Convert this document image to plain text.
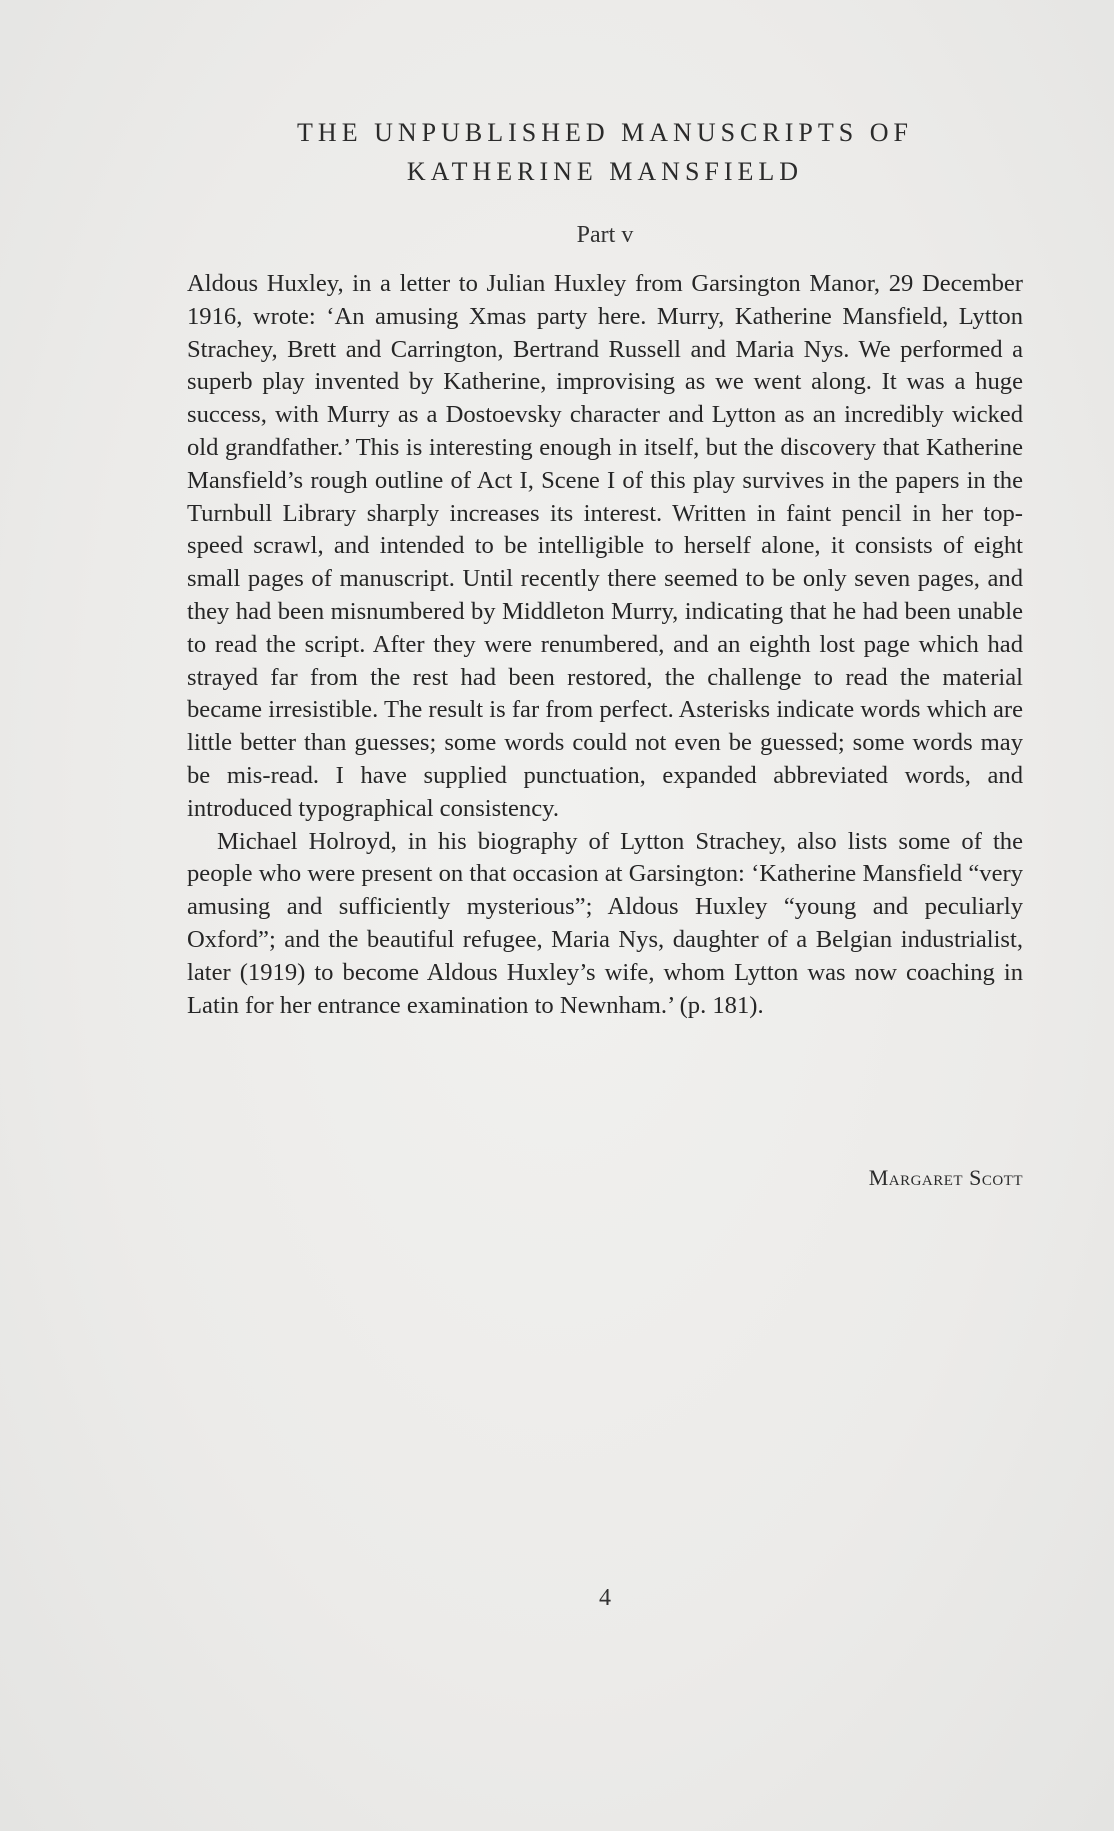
THE UNPUBLISHED MANUSCRIPTS OF
KATHERINE MANSFIELD
Part v

Aldous Huxley, in a letter to Julian Huxley from Garsington Manor, 29 December 1916, wrote: ‘An amusing Xmas party here. Murry, Katherine Mansfield, Lytton Strachey, Brett and Carrington, Bertrand Russell and Maria Nys. We performed a superb play invented by Katherine, improvising as we went along. It was a huge success, with Murry as a Dostoevsky character and Lytton as an incredibly wicked old grandfather.’ This is interesting enough in itself, but the discovery that Katherine Mansfield’s rough outline of Act I, Scene I of this play survives in the papers in the Turnbull Library sharply increases its interest. Written in faint pencil in her top-speed scrawl, and intended to be intelligible to herself alone, it consists of eight small pages of manuscript. Until recently there seemed to be only seven pages, and they had been misnumbered by Middleton Murry, indicating that he had been unable to read the script. After they were renumbered, and an eighth lost page which had strayed far from the rest had been restored, the challenge to read the material became irresistible. The result is far from perfect. Asterisks indicate words which are little better than guesses; some words could not even be guessed; some words may be mis-read. I have supplied punctuation, expanded abbreviated words, and introduced typographical consistency.

Michael Holroyd, in his biography of Lytton Strachey, also lists some of the people who were present on that occasion at Garsington: ‘Katherine Mansfield “very amusing and sufficiently mysterious”; Aldous Huxley “young and peculiarly Oxford”; and the beautiful refugee, Maria Nys, daughter of a Belgian industrialist, later (1919) to become Aldous Huxley’s wife, whom Lytton was now coaching in Latin for her entrance examination to Newnham.’ (p. 181).

Margaret Scott
4
